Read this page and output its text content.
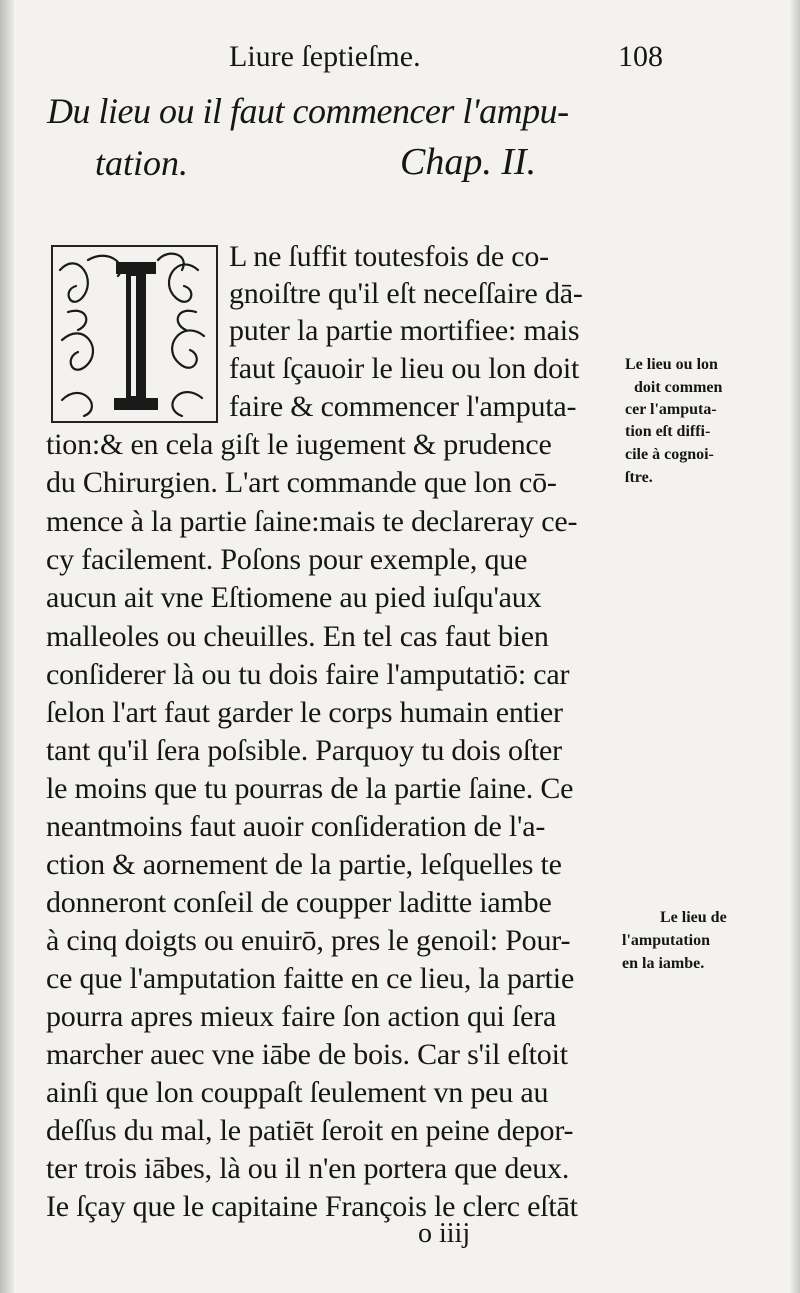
Liure ſeptieſme.	108
Du lieu ou il faut commencer l'ampu-
tation.	Chap. II.
L ne ſuffit toutesfois de co-
gnoiſtre qu'il eſt neceſſaire dā-
puter la partie mortifiee: mais
faut ſçauoir le lieu ou lon doit
faire & commencer l'amputa-
tion:& en cela giſt le iugement & prudence
du Chirurgien. L'art commande que lon cō-
mence à la partie ſaine:mais te declareray ce-
cy facilement. Poſons pour exemple, que
aucun ait vne Eſtiomene au pied iuſqu'aux
malleoles ou cheuilles. En tel cas faut bien
conſiderer là ou tu dois faire l'amputatiō: car
ſelon l'art faut garder le corps humain entier
tant qu'il ſera poſsible. Parquoy tu dois oſter
le moins que tu pourras de la partie ſaine. Ce
neantmoins faut auoir conſideration de l'a-
ction & aornement de la partie, leſquelles te
donneront conſeil de coupper laditte iambe
à cinq doigts ou enuirō, pres le genoil: Pour-
ce que l'amputation faitte en ce lieu, la partie
pourra apres mieux faire ſon action qui ſera
marcher auec vne iābe de bois. Car s'il eſtoit
ainſi que lon couppaſt ſeulement vn peu au
deſſus du mal, le patiēt ſeroit en peine depor-
ter trois iābes, là ou il n'en portera que deux.
Ie ſçay que le capitaine François le clerc eſtāt
Le lieu ou lon
doit commen
cer l'amputa-
tion eſt diffi-
cile à cognoi-
ſtre.
Le lieu de
l'amputation
en la iambe.
o iiij
